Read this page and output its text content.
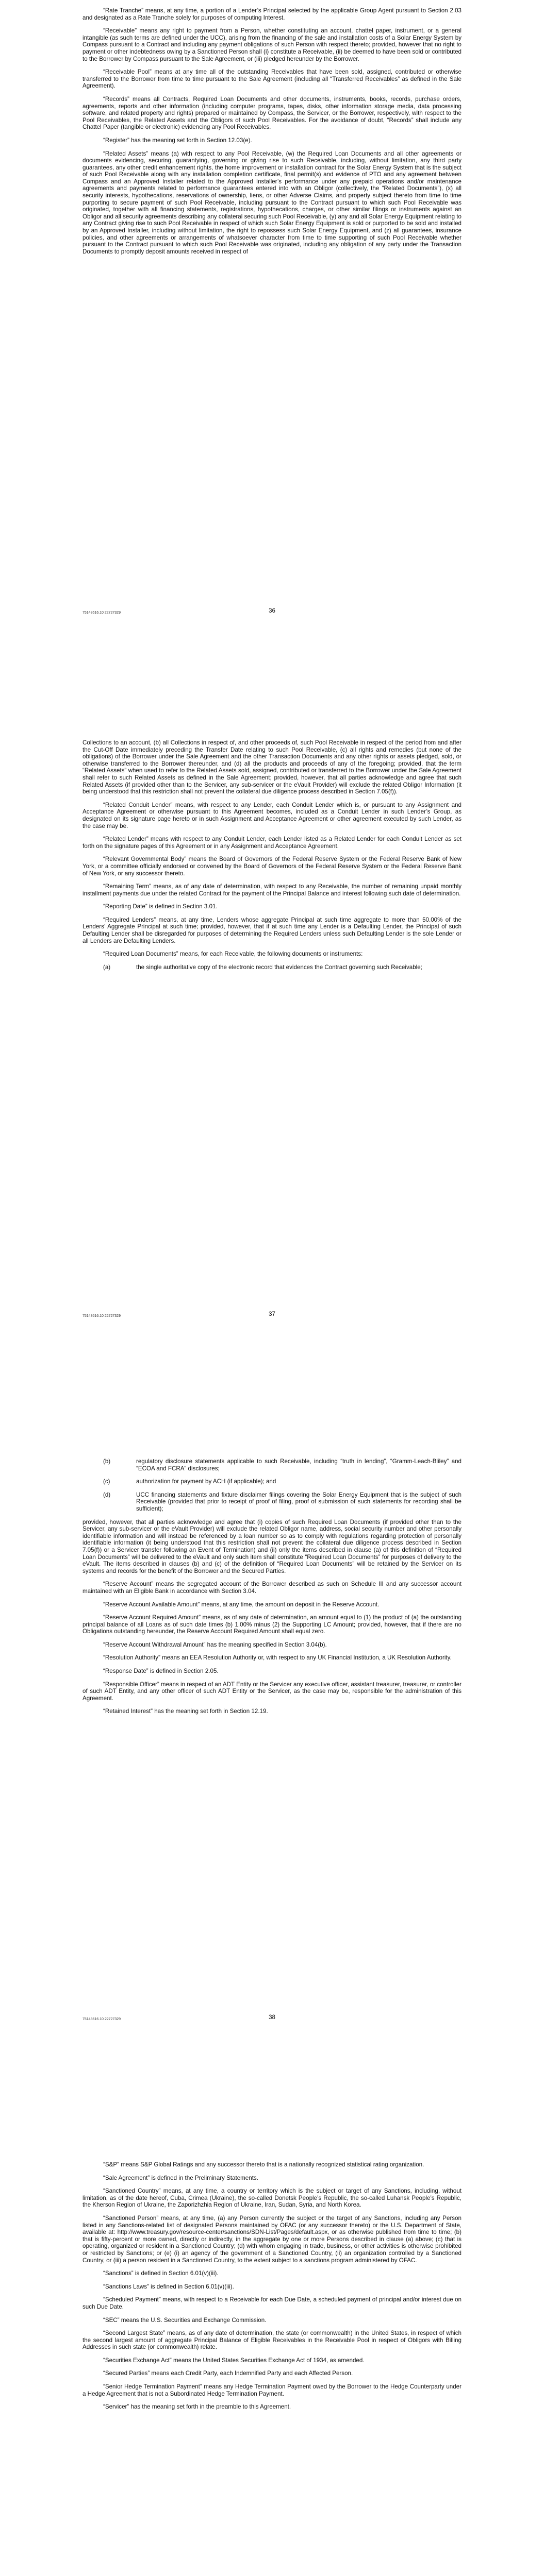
“Rate Tranche” means, at any time, a portion of a Lender’s Principal selected by the applicable Group Agent pursuant to Section 2.03 and designated as a Rate Tranche solely for purposes of computing Interest.

“Receivable” means any right to payment from a Person, whether constituting an account, chattel paper, instrument, or a general intangible (as such terms are defined under the UCC), arising from the financing of the sale and installation costs of a Solar Energy System by Compass pursuant to a Contract and including any payment obligations of such Person with respect thereto; provided, however that no right to payment or other indebtedness owing by a Sanctioned Person shall (i) constitute a Receivable, (ii) be deemed to have been sold or contributed to the Borrower by Compass pursuant to the Sale Agreement, or (iii) pledged hereunder by the Borrower.

“Receivable Pool” means at any time all of the outstanding Receivables that have been sold, assigned, contributed or otherwise transferred to the Borrower from time to time pursuant to the Sale Agreement (including all “Transferred Receivables” as defined in the Sale Agreement).

“Records” means all Contracts, Required Loan Documents and other documents, instruments, books, records, purchase orders, agreements, reports and other information (including computer programs, tapes, disks, other information storage media, data processing software, and related property and rights) prepared or maintained by Compass, the Servicer, or the Borrower, respectively, with respect to the Pool Receivables, the Related Assets and the Obligors of such Pool Receivables. For the avoidance of doubt, “Records” shall include any Chattel Paper (tangible or electronic) evidencing any Pool Receivables.

“Register” has the meaning set forth in Section 12.03(e).

“Related Assets” means (a) with respect to any Pool Receivable, (w) the Required Loan Documents and all other agreements or documents evidencing, securing, guarantying, governing or giving rise to such Receivable, including, without limitation, any third party guarantees, any other credit enhancement rights, the home improvement or installation contract for the Solar Energy System that is the subject of such Pool Receivable along with any installation completion certificate, final permit(s) and evidence of PTO and any agreement between Compass and an Approved Installer related to the Approved Installer’s performance under any prepaid operations and/or maintenance agreements and payments related to performance guarantees entered into with an Obligor (collectively, the “Related Documents”), (x) all security interests, hypothecations, reservations of ownership, liens, or other Adverse Claims, and property subject thereto from time to time purporting to secure payment of such Pool Receivable, including pursuant to the Contract pursuant to which such Pool Receivable was originated, together with all financing statements, registrations, hypothecations, charges, or other similar filings or instruments against an Obligor and all security agreements describing any collateral securing such Pool Receivable, (y) any and all Solar Energy Equipment relating to any Contract giving rise to such Pool Receivable in respect of which such Solar Energy Equipment is sold or purported to be sold and installed by an Approved Installer, including without limitation, the right to repossess such Solar Energy Equipment, and (z) all guarantees, insurance policies, and other agreements or arrangements of whatsoever character from time to time supporting of such Pool Receivable whether pursuant to the Contract pursuant to which such Pool Receivable was originated, including any obligation of any party under the Transaction Documents to promptly deposit amounts received in respect of

75148616.10 22727329	36

Collections to an account, (b) all Collections in respect of, and other proceeds of, such Pool Receivable in respect of the period from and after the Cut-Off Date immediately preceding the Transfer Date relating to such Pool Receivable, (c) all rights and remedies (but none of the obligations) of the Borrower under the Sale Agreement and the other Transaction Documents and any other rights or assets pledged, sold, or otherwise transferred to the Borrower thereunder, and (d) all the products and proceeds of any of the foregoing; provided, that the term “Related Assets” when used to refer to the Related Assets sold, assigned, contributed or transferred to the Borrower under the Sale Agreement shall refer to such Related Assets as defined in the Sale Agreement; provided, however, that all parties acknowledge and agree that such Related Assets (if provided other than to the Servicer, any sub-servicer or the eVault Provider) will exclude the related Obligor Information (it being understood that this restriction shall not prevent the collateral due diligence process described in Section 7.05(f)).

“Related Conduit Lender” means, with respect to any Lender, each Conduit Lender which is, or pursuant to any Assignment and Acceptance Agreement or otherwise pursuant to this Agreement becomes, included as a Conduit Lender in such Lender’s Group, as designated on its signature page hereto or in such Assignment and Acceptance Agreement or other agreement executed by such Lender, as the case may be.

“Related Lender” means with respect to any Conduit Lender, each Lender listed as a Related Lender for each Conduit Lender as set forth on the signature pages of this Agreement or in any Assignment and Acceptance Agreement.

“Relevant Governmental Body” means the Board of Governors of the Federal Reserve System or the Federal Reserve Bank of New York, or a committee officially endorsed or convened by the Board of Governors of the Federal Reserve System or the Federal Reserve Bank of New York, or any successor thereto.

“Remaining Term” means, as of any date of determination, with respect to any Receivable, the number of remaining unpaid monthly installment payments due under the related Contract for the payment of the Principal Balance and interest following such date of determination.

“Reporting Date” is defined in Section 3.01.

“Required Lenders” means, at any time, Lenders whose aggregate Principal at such time aggregate to more than 50.00% of the Lenders’ Aggregate Principal at such time; provided, however, that if at such time any Lender is a Defaulting Lender, the Principal of such Defaulting Lender shall be disregarded for purposes of determining the Required Lenders unless such Defaulting Lender is the sole Lender or all Lenders are Defaulting Lenders.

“Required Loan Documents” means, for each Receivable, the following documents or instruments:

(a)	the single authoritative copy of the electronic record that evidences the Contract governing such Receivable;
75148616.10 22727329	37
(b)	regulatory disclosure statements applicable to such Receivable, including “truth in lending”, “Gramm-Leach-Bliley” and “ECOA and FCRA” disclosures;
(c)	authorization for payment by ACH (if applicable); and
(d)	UCC financing statements and fixture disclaimer filings covering the Solar Energy Equipment that is the subject of such Receivable (provided that prior to receipt of proof of filing, proof of submission of such statements for recording shall be sufficient);

provided, however, that all parties acknowledge and agree that (i) copies of such Required Loan Documents (if provided other than to the Servicer, any sub-servicer or the eVault Provider) will exclude the related Obligor name, address, social security number and other personally identifiable information and will instead be referenced by a loan number so as to comply with regulations regarding protection of personally identifiable information (it being understood that this restriction shall not prevent the collateral due diligence process described in Section 7.05(f)) or a Servicer transfer following an Event of Termination) and (ii) only the items described in clause (a) of this definition of “Required Loan Documents” will be delivered to the eVault and only such item shall constitute “Required Loan Documents” for purposes of delivery to the eVault. The items described in clauses (b) and (c) of the definition of “Required Loan Documents” will be retained by the Servicer on its systems and records for the benefit of the Borrower and the Secured Parties.

“Reserve Account” means the segregated account of the Borrower described as such on Schedule III and any successor account maintained with an Eligible Bank in accordance with Section 3.04.

“Reserve Account Available Amount” means, at any time, the amount on deposit in the Reserve Account.

“Reserve Account Required Amount” means, as of any date of determination, an amount equal to (1) the product of (a) the outstanding principal balance of all Loans as of such date times (b) 1.00% minus (2) the Supporting LC Amount; provided, however, that if there are no Obligations outstanding hereunder, the Reserve Account Required Amount shall equal zero.

“Reserve Account Withdrawal Amount” has the meaning specified in Section 3.04(b).

“Resolution Authority” means an EEA Resolution Authority or, with respect to any UK Financial Institution, a UK Resolution Authority.

“Response Date” is defined in Section 2.05.

“Responsible Officer” means in respect of an ADT Entity or the Servicer any executive officer, assistant treasurer, treasurer, or controller of such ADT Entity, and any other officer of such ADT Entity or the Servicer, as the case may be, responsible for the administration of this Agreement.

“Retained Interest” has the meaning set forth in Section 12.19.

75148616.10 22727329	38

“S&P” means S&P Global Ratings and any successor thereto that is a nationally recognized statistical rating organization.

“Sale Agreement” is defined in the Preliminary Statements.

“Sanctioned Country” means, at any time, a country or territory which is the subject or target of any Sanctions, including, without limitation, as of the date hereof, Cuba, Crimea (Ukraine), the so-called Donetsk People’s Republic, the so-called Luhansk People’s Republic, the Kherson Region of Ukraine, the Zaporizhzhia Region of Ukraine, Iran, Sudan, Syria, and North Korea.

“Sanctioned Person” means, at any time, (a) any Person currently the subject or the target of any Sanctions, including any Person listed in any Sanctions-related list of designated Persons maintained by OFAC (or any successor thereto) or the U.S. Department of State, available at: http://www.treasury.gov/resource-center/sanctions/SDN-List/Pages/default.aspx, or as otherwise published from time to time; (b) that is fifty-percent or more owned, directly or indirectly, in the aggregate by one or more Persons described in clause (a) above; (c) that is operating, organized or resident in a Sanctioned Country; (d) with whom engaging in trade, business, or other activities is otherwise prohibited or restricted by Sanctions; or (e) (i) an agency of the government of a Sanctioned Country, (ii) an organization controlled by a Sanctioned Country, or (iii) a person resident in a Sanctioned Country, to the extent subject to a sanctions program administered by OFAC.

“Sanctions” is defined in Section 6.01(v)(iii).

“Sanctions Laws” is defined in Section 6.01(v)(iii).

“Scheduled Payment” means, with respect to a Receivable for each Due Date, a scheduled payment of principal and/or interest due on such Due Date.

“SEC” means the U.S. Securities and Exchange Commission.

“Second Largest State” means, as of any date of determination, the state (or commonwealth) in the United States, in respect of which the second largest amount of aggregate Principal Balance of Eligible Receivables in the Receivable Pool in respect of Obligors with Billing Addresses in such state (or commonwealth) relate.

“Securities Exchange Act” means the United States Securities Exchange Act of 1934, as amended.

“Secured Parties” means each Credit Party, each Indemnified Party and each Affected Person.

“Senior Hedge Termination Payment” means any Hedge Termination Payment owed by the Borrower to the Hedge Counterparty under a Hedge Agreement that is not a Subordinated Hedge Termination Payment.

“Servicer” has the meaning set forth in the preamble to this Agreement.
